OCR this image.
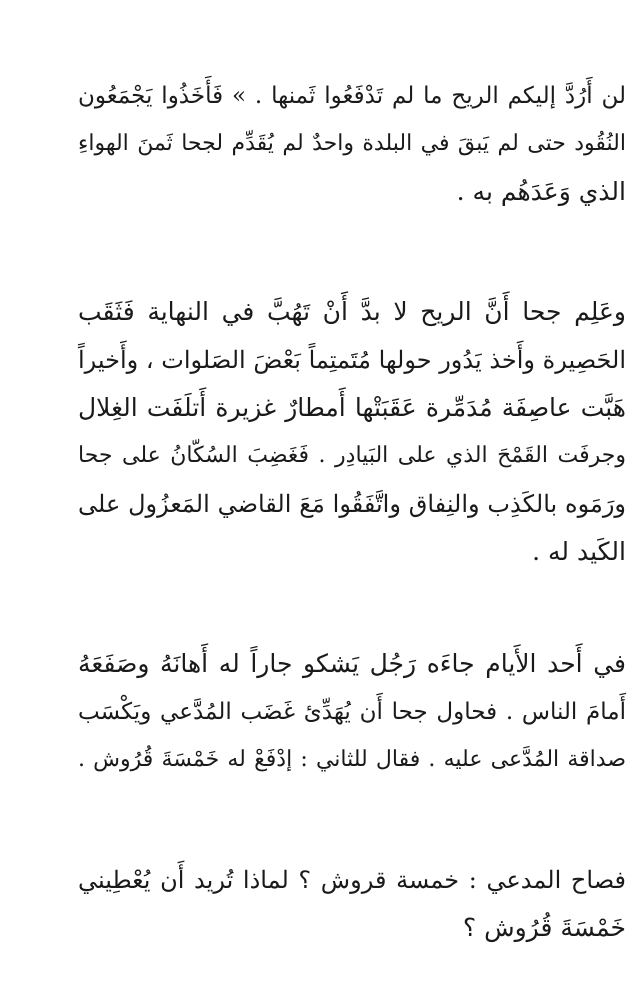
لن أَرُدَّ إليكم الريح ما لم تَدْفَعُوا ثَمنها . » فَأَخَذُوا يَجْمَعُون
النُقُود حتى لم يَبقَ في البلدة واحدٌ لم يُقَدِّم لجحا ثَمنَ الهواءِ
الذي وَعَدَهُم به .
وعَلِم جحا أَنَّ الريح لا بدَّ أَنْ تَهُبَّ في النهاية فَثَقَب
الحَصِيرة وأَخذ يَدُور حولها مُتَمتِماً بَعْضَ الصَلوات ، وأَخيراً
هَبَّت عاصِفَة مُدَمِّرة عَقَبَتْها أَمطارٌ غزيرة أَتلَفَت الغِلال
وجرفَت القَمْحَ الذي على البَيادِر . فَغَضِبَ السُكّانُ على جحا
ورَمَوه بالكَذِب والنِفاق واتَّفَقُوا مَعَ القاضي المَعزُول على
الكَيد له .
في أَحد الأَيام جاءَه رَجُل يَشكو جاراً له أَهانَهُ وصَفَعَهُ
أَمامَ الناس . فحاول جحا أَن يُهَدِّئ غَضَب المُدَّعي ويَكْسَب
صداقة المُدَّعى عليه . فقال للثاني : إدْفَعْ له خَمْسَةَ قُرُوش .
فصاح المدعي : خمسة قروش ؟ لماذا تُريد أَن يُعْطِيني
خَمْسَةَ قُرُوش ؟
